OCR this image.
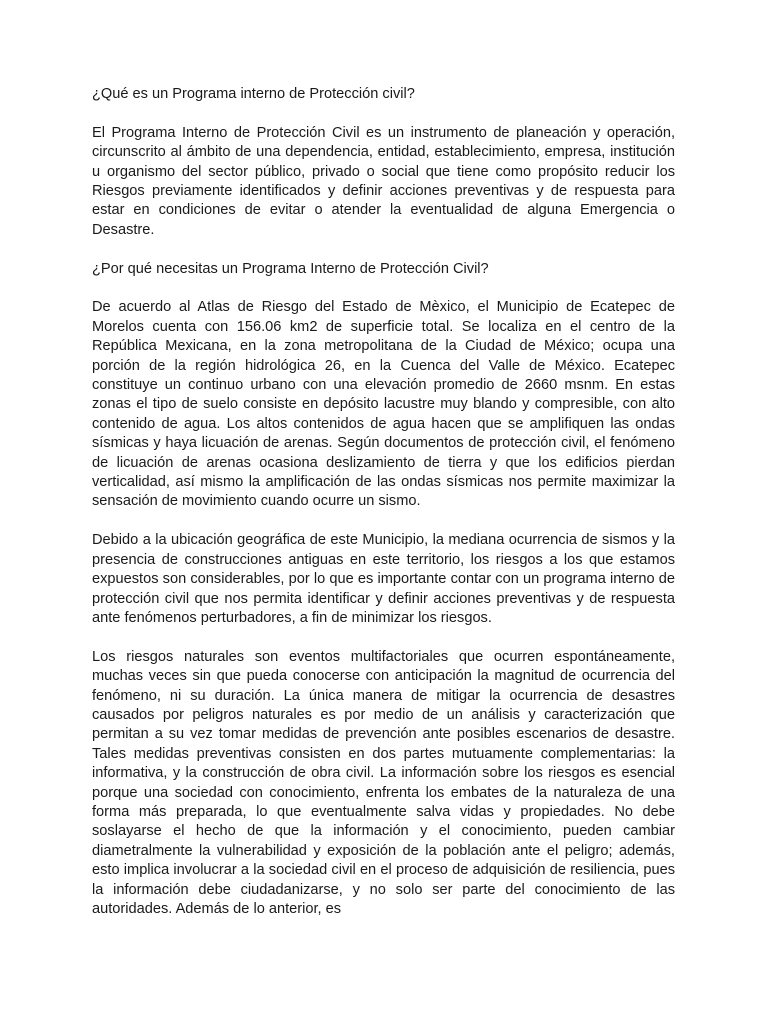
¿Qué es un Programa interno de Protección civil?

El Programa Interno de Protección Civil es un instrumento de planeación y operación, circunscrito al ámbito de una dependencia, entidad, establecimiento, empresa, institución u organismo del sector público, privado o social que tiene como propósito reducir los Riesgos previamente identificados y definir acciones preventivas y de respuesta para estar en condiciones de evitar o atender la eventualidad de alguna Emergencia o Desastre.

¿Por qué necesitas un Programa Interno de Protección Civil?

De acuerdo al Atlas de Riesgo del Estado de Mèxico, el Municipio de Ecatepec de Morelos cuenta con 156.06 km2 de superficie total. Se localiza en el centro de la República Mexicana, en la zona metropolitana de la Ciudad de México; ocupa una porción de la región hidrológica 26, en la Cuenca del Valle de México. Ecatepec constituye un continuo urbano con una elevación promedio de 2660 msnm. En estas zonas el tipo de suelo consiste en depósito lacustre muy blando y compresible, con alto contenido de agua. Los altos contenidos de agua hacen que se amplifiquen las ondas sísmicas y haya licuación de arenas. Según documentos de protección civil, el fenómeno de licuación de arenas ocasiona deslizamiento de tierra y que los edificios pierdan verticalidad, así mismo la amplificación de las ondas sísmicas nos permite maximizar la sensación de movimiento cuando ocurre un sismo.

Debido a la ubicación geográfica de este Municipio, la mediana ocurrencia de sismos y la presencia de construcciones antiguas en este territorio, los riesgos a los que estamos expuestos son considerables, por lo que es importante contar con un programa interno de protección civil que nos permita identificar y definir acciones preventivas y de respuesta ante fenómenos perturbadores, a fin de minimizar los riesgos.

Los riesgos naturales son eventos multifactoriales que ocurren espontáneamente, muchas veces sin que pueda conocerse con anticipación la magnitud de ocurrencia del fenómeno, ni su duración. La única manera de mitigar la ocurrencia de desastres causados por peligros naturales es por medio de un análisis y caracterización que permitan a su vez tomar medidas de prevención ante posibles escenarios de desastre. Tales medidas preventivas consisten en dos partes mutuamente complementarias: la informativa, y la construcción de obra civil. La información sobre los riesgos es esencial porque una sociedad con conocimiento, enfrenta los embates de la naturaleza de una forma más preparada, lo que eventualmente salva vidas y propiedades. No debe soslayarse el hecho de que la información y el conocimiento, pueden cambiar diametralmente la vulnerabilidad y exposición de la población ante el peligro; además, esto implica involucrar a la sociedad civil en el proceso de adquisición de resiliencia, pues la información debe ciudadanizarse, y no solo ser parte del conocimiento de las autoridades. Además de lo anterior, es
